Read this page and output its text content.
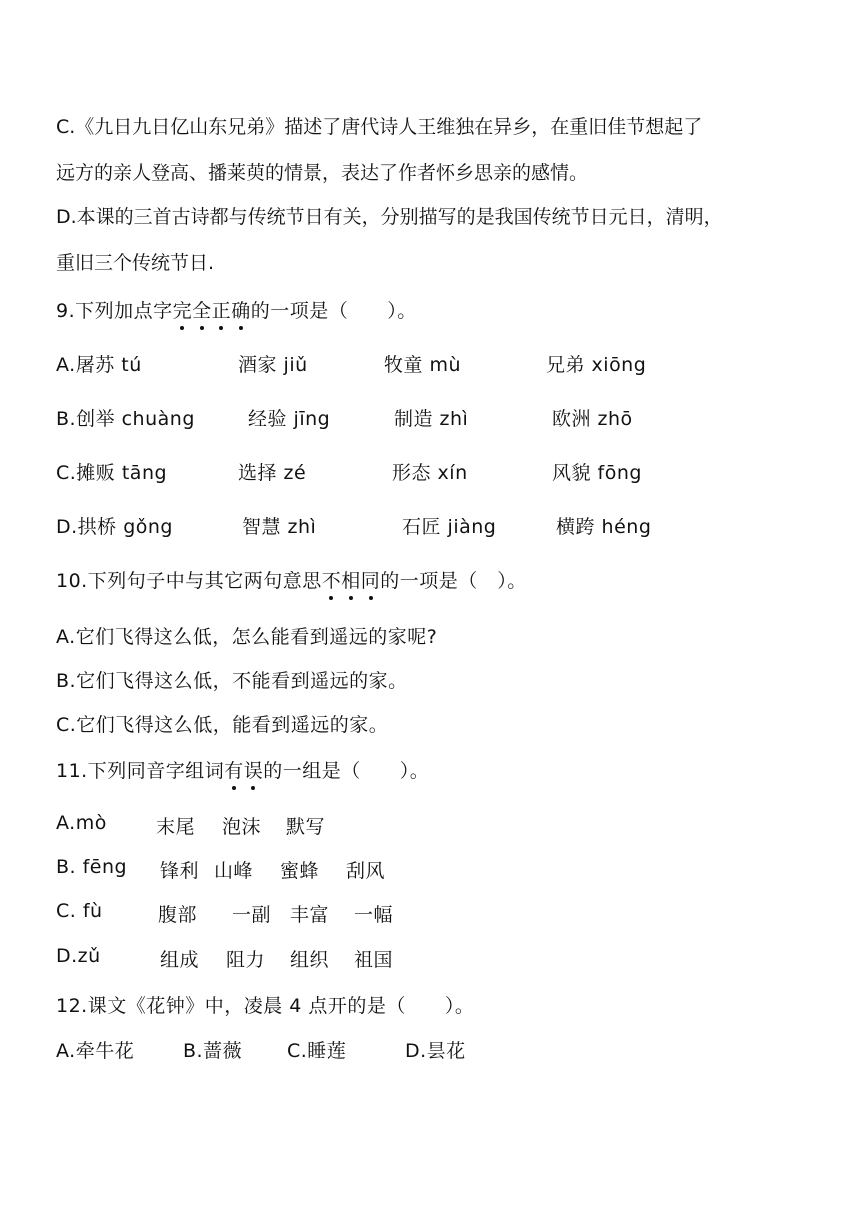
C.《九日九日亿山东兄弟》描述了唐代诗人王维独在异乡，在重旧佳节想起了
远方的亲人登高、播莱萸的情景，表达了作者怀乡思亲的感情。
D.本课的三首古诗都与传统节日有关，分别描写的是我国传统节日元日，清明，
重旧三个传统节日.
9.下列加点字完全正确的一项是（　　）。
A.屠苏 tú	酒家 jiǔ	牧童 mù	兄弟 xiōng
B.创举 chuàng	经验 jīng	制造 zhì	欧洲 zhō
C.摊贩 tāng	选择 zé	形态 xín	风貌 fōng
D.拱桥 gǒng	智慧 zhì	石匠 jiàng	横跨 héng
10.下列句子中与其它两句意思不相同的一项是（　）。
A.它们飞得这么低，怎么能看到遥远的家呢?
B.它们飞得这么低，不能看到遥远的家。
C.它们飞得这么低，能看到遥远的家。
11.下列同音字组词有误的一组是（　　）。
A.mò	末尾 泡沫 默写
B. fēng 锋利 山峰 蜜蜂 刮风
C. fù	腹部 一副 丰富 一幅
D.zǔ	组成 阻力 组织 祖国
12.课文《花钟》中，凌晨 4 点开的是（　　）。
A.牵牛花	B.蔷薇 C.睡莲	D.昙花
